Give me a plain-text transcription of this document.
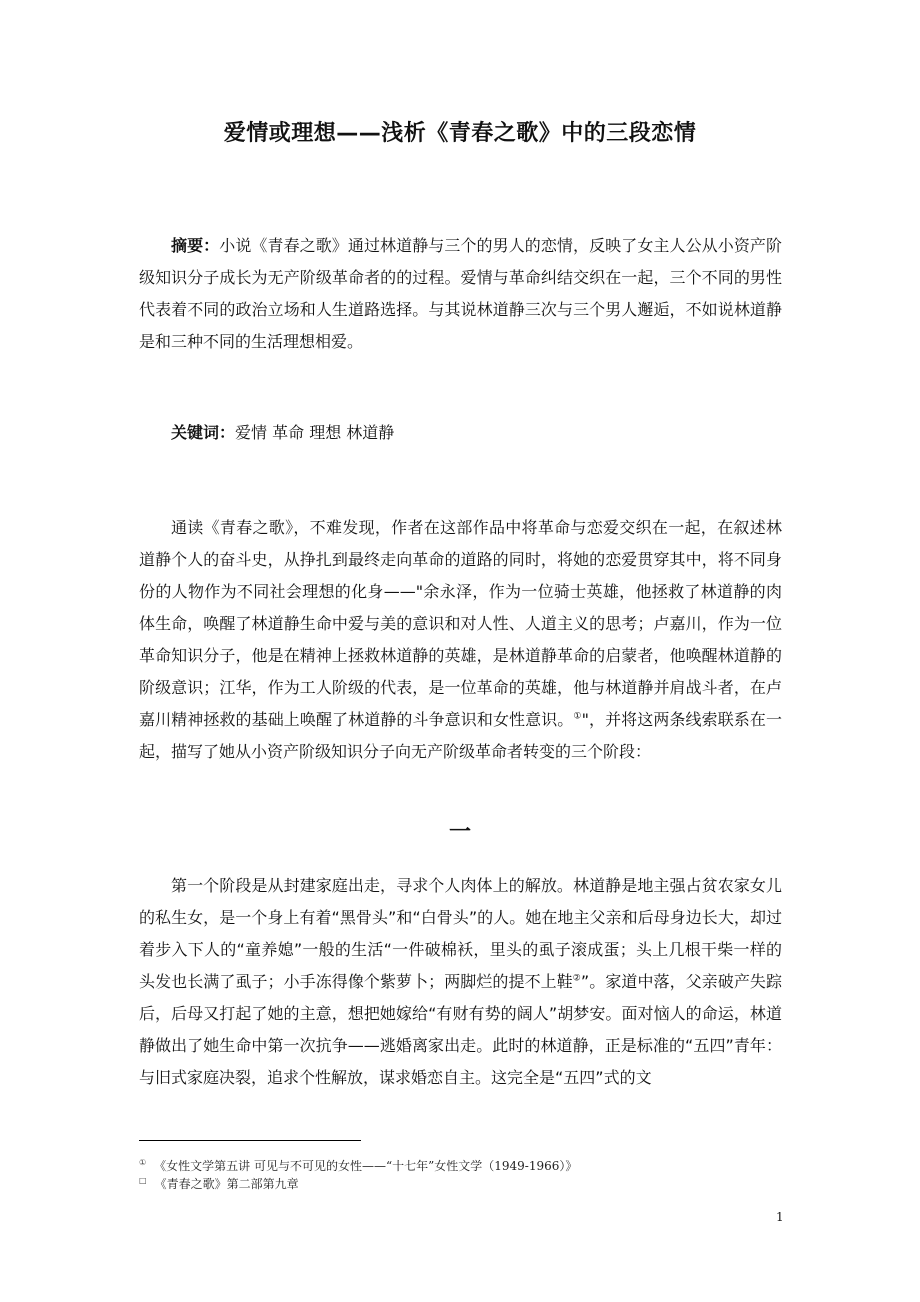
爱情或理想——浅析《青春之歌》中的三段恋情

摘要：小说《青春之歌》通过林道静与三个的男人的恋情，反映了女主人公从小资产阶级知识分子成长为无产阶级革命者的的过程。爱情与革命纠结交织在一起，三个不同的男性代表着不同的政治立场和人生道路选择。与其说林道静三次与三个男人邂逅，不如说林道静是和三种不同的生活理想相爱。

关键词：爱情 革命 理想 林道静

通读《青春之歌》，不难发现，作者在这部作品中将革命与恋爱交织在一起，在叙述林道静个人的奋斗史，从挣扎到最终走向革命的道路的同时，将她的恋爱贯穿其中，将不同身份的人物作为不同社会理想的化身——"余永泽，作为一位骑士英雄，他拯救了林道静的肉体生命，唤醒了林道静生命中爱与美的意识和对人性、人道主义的思考；卢嘉川，作为一位革命知识分子，他是在精神上拯救林道静的英雄，是林道静革命的启蒙者，他唤醒林道静的阶级意识；江华，作为工人阶级的代表，是一位革命的英雄，他与林道静并肩战斗者，在卢嘉川精神拯救的基础上唤醒了林道静的斗争意识和女性意识。①"，并将这两条线索联系在一起，描写了她从小资产阶级知识分子向无产阶级革命者转变的三个阶段：

一

第一个阶段是从封建家庭出走，寻求个人肉体上的解放。林道静是地主强占贫农家女儿的私生女，是一个身上有着“黑骨头”和“白骨头”的人。她在地主父亲和后母身边长大，却过着步入下人的“童养媳”一般的生活“一件破棉袄，里头的虱子滚成蛋；头上几根干柴一样的头发也长满了虱子；小手冻得像个紫萝卜；两脚烂的提不上鞋②”。家道中落，父亲破产失踪后，后母又打起了她的主意，想把她嫁给“有财有势的阔人”胡梦安。面对恼人的命运，林道静做出了她生命中第一次抗争——逃婚离家出走。此时的林道静，正是标准的“五四”青年：与旧式家庭决裂，追求个性解放，谋求婚恋自主。这完全是“五四”式的文

① 《女性文学第五讲 可见与不可见的女性——“十七年”女性文学（1949-1966）》
□ 《青春之歌》第二部第九章
1
